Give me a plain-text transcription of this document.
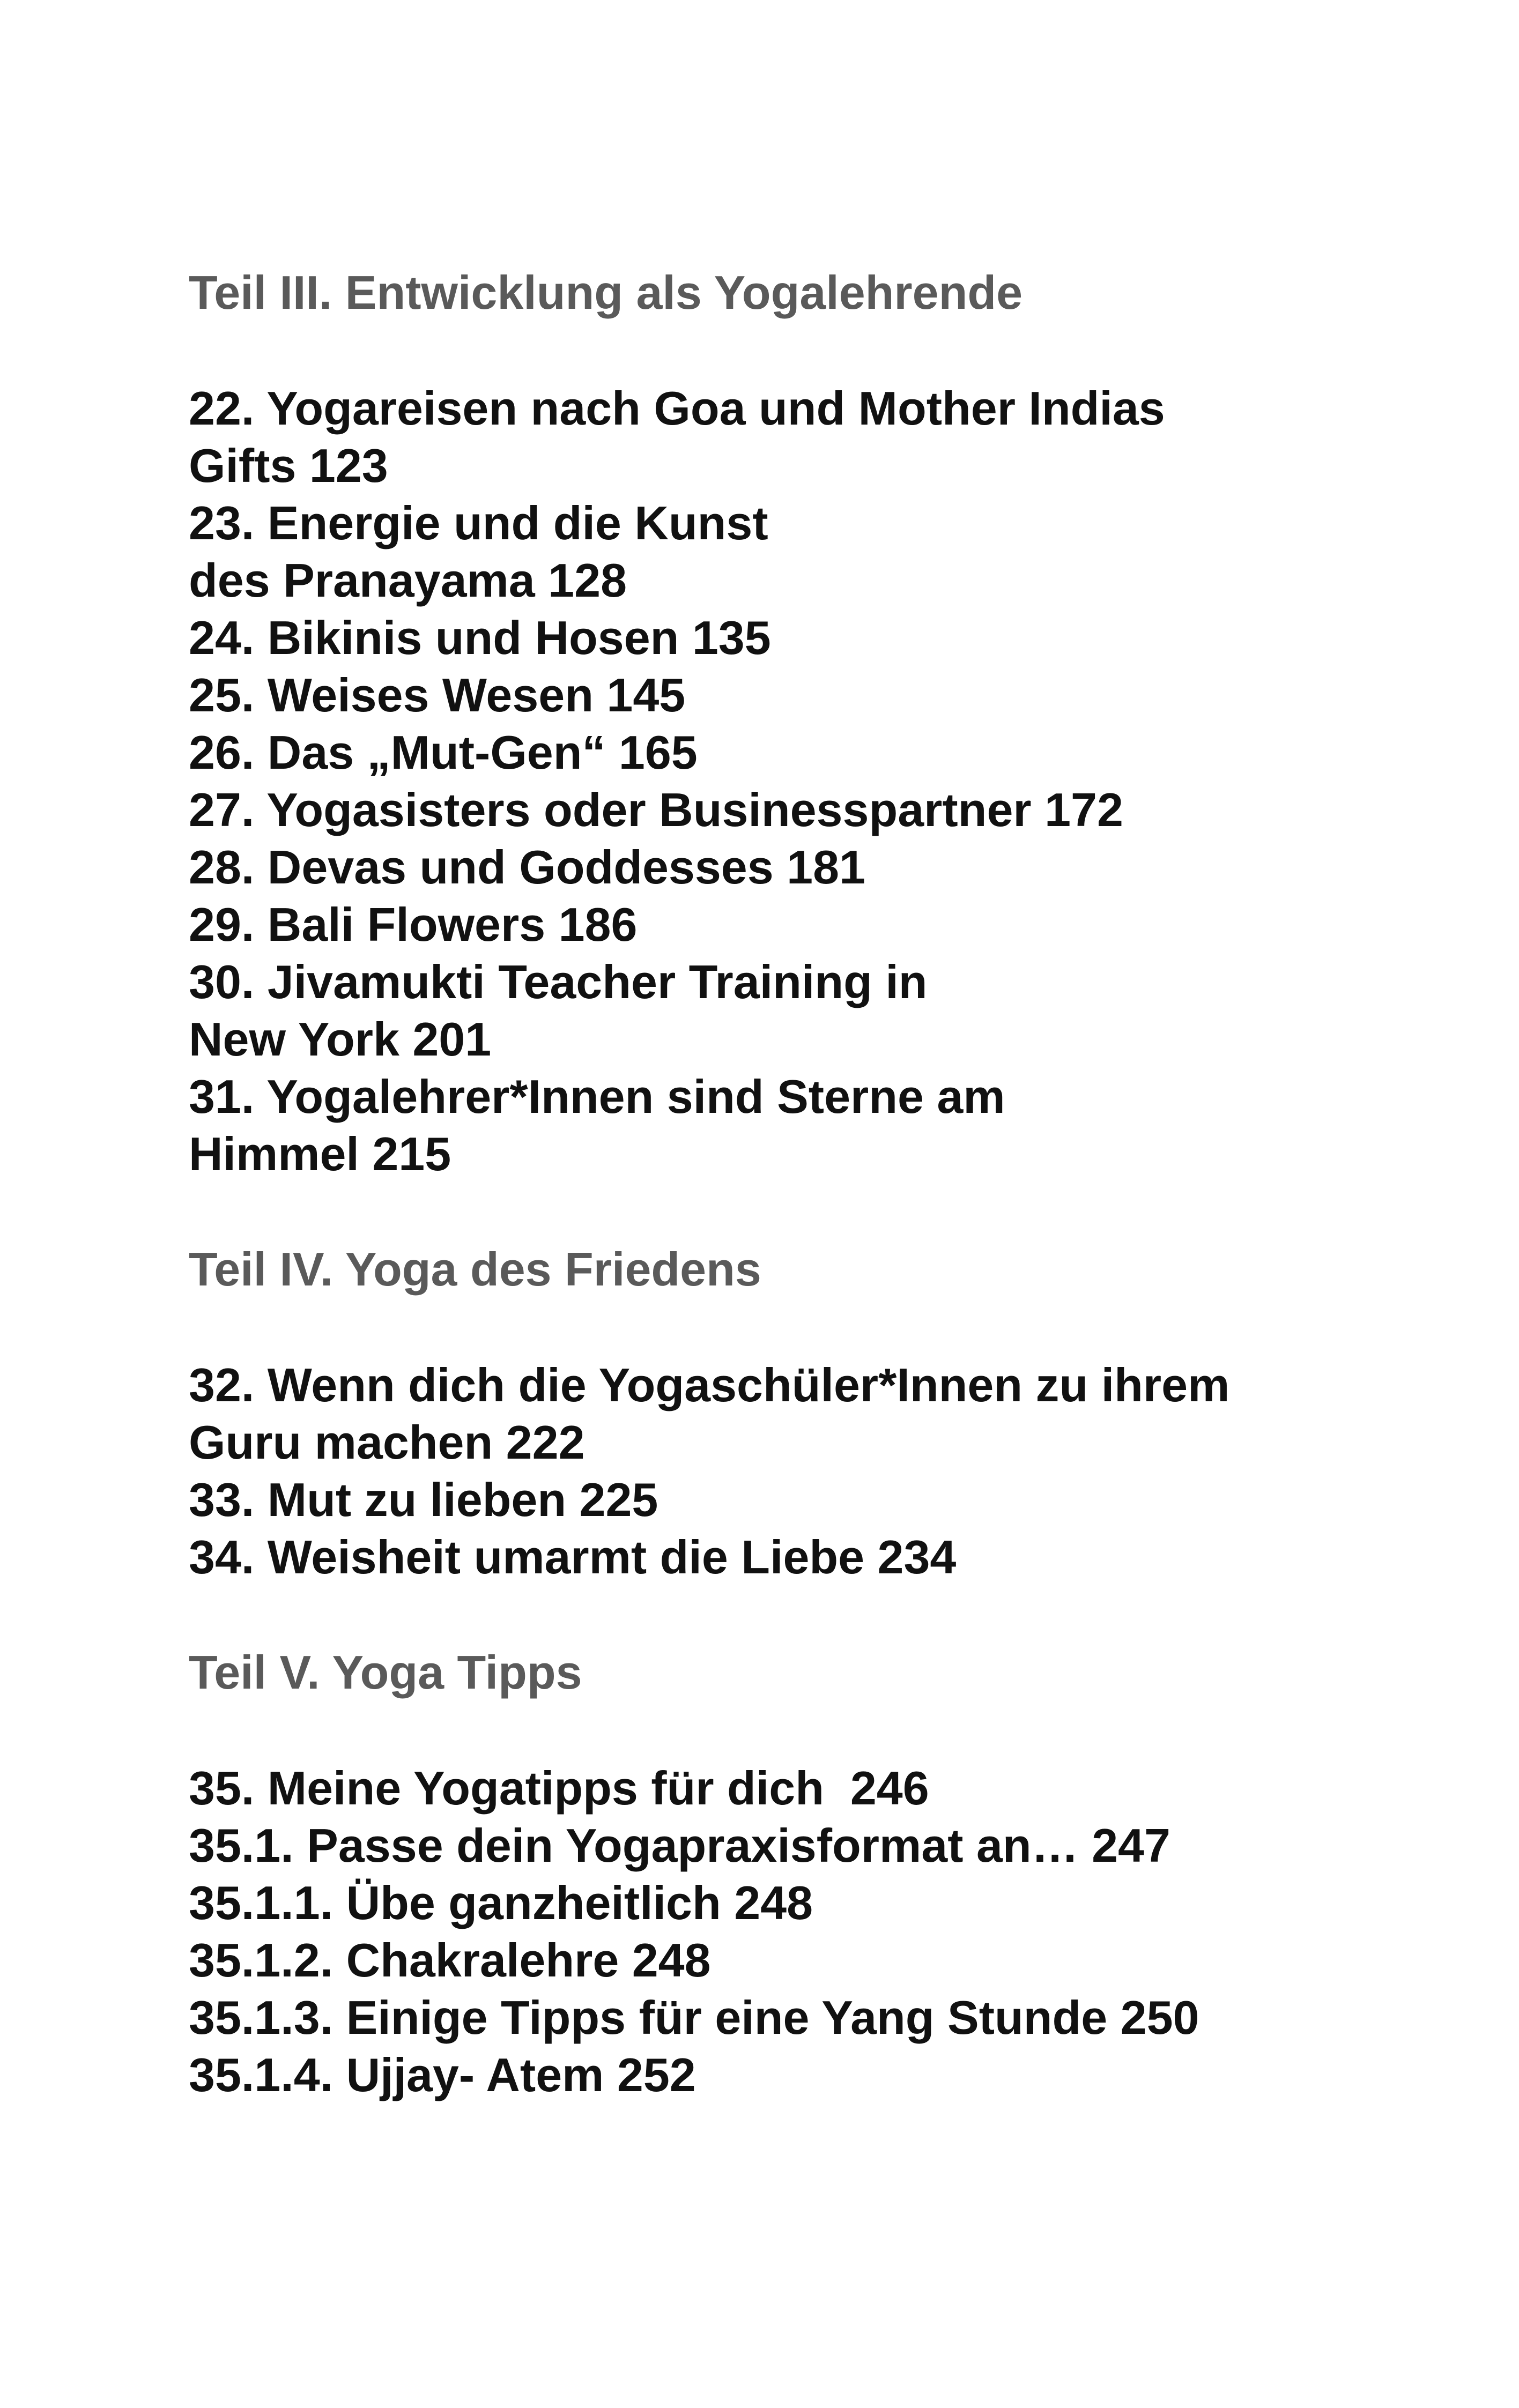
Teil III. Entwicklung als Yogalehrende
22. Yogareisen nach Goa und Mother Indias
Gifts 123
23. Energie und die Kunst
des Pranayama 128
24. Bikinis und Hosen 135
25. Weises Wesen 145
26. Das „Mut-Gen“ 165
27. Yogasisters oder Businesspartner 172
28. Devas und Goddesses 181
29. Bali Flowers 186
30. Jivamukti Teacher Training in
New York 201
31. Yogalehrer*Innen sind Sterne am
Himmel 215
Teil IV. Yoga des Friedens
32. Wenn dich die Yogaschüler*Innen zu ihrem
Guru machen 222
33. Mut zu lieben 225
34. Weisheit umarmt die Liebe 234
Teil V. Yoga Tipps
35. Meine Yogatipps für dich  246
35.1. Passe dein Yogapraxisformat an… 247
35.1.1. Übe ganzheitlich 248
35.1.2. Chakralehre 248
35.1.3. Einige Tipps für eine Yang Stunde 250
35.1.4. Ujjay- Atem 252
